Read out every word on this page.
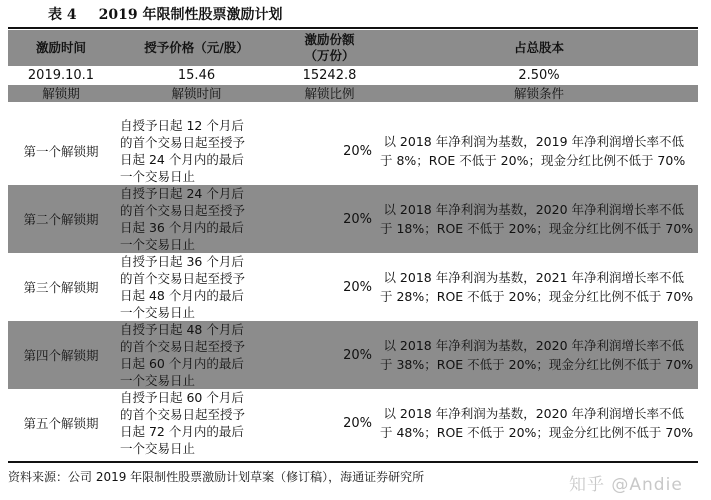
表 4 2019 年限制性股票激励计划
激励时间	授予价格（元/股）	激励份额
（万份）	占总股本
2019.10.1	15.46	15242.8	2.50%
解锁期	解锁时间	解锁比例	解锁条件
第一个解锁期	自授予日起 12 个月后
的首个交易日起至授予
日起 24 个月内的最后
一个交易日止	20%	以 2018 年净利润为基数，2019 年净利润增长率不低
于 8%；ROE 不低于 20%；现金分红比例不低于 70%

第二个解锁期	自授予日起 24 个月后
的首个交易日起至授予
日起 36 个月内的最后
一个交易日止	20%	以 2018 年净利润为基数，2020 年净利润增长率不低
于 18%；ROE 不低于 20%；现金分红比例不低于 70%

第三个解锁期	自授予日起 36 个月后
的首个交易日起至授予
日起 48 个月内的最后
一个交易日止	20%	以 2018 年净利润为基数，2021 年净利润增长率不低
于 28%；ROE 不低于 20%；现金分红比例不低于 70%

第四个解锁期	自授予日起 48 个月后
的首个交易日起至授予
日起 60 个月内的最后
一个交易日止	20%	以 2018 年净利润为基数，2020 年净利润增长率不低
于 38%；ROE 不低于 20%；现金分红比例不低于 70%

第五个解锁期	自授予日起 60 个月后
的首个交易日起至授予
日起 72 个月内的最后
一个交易日止	20%	以 2018 年净利润为基数，2020 年净利润增长率不低
于 48%；ROE 不低于 20%；现金分红比例不低于 70%
资料来源：公司 2019 年限制性股票激励计划草案（修订稿），海通证券研究所	知乎 @Andie
